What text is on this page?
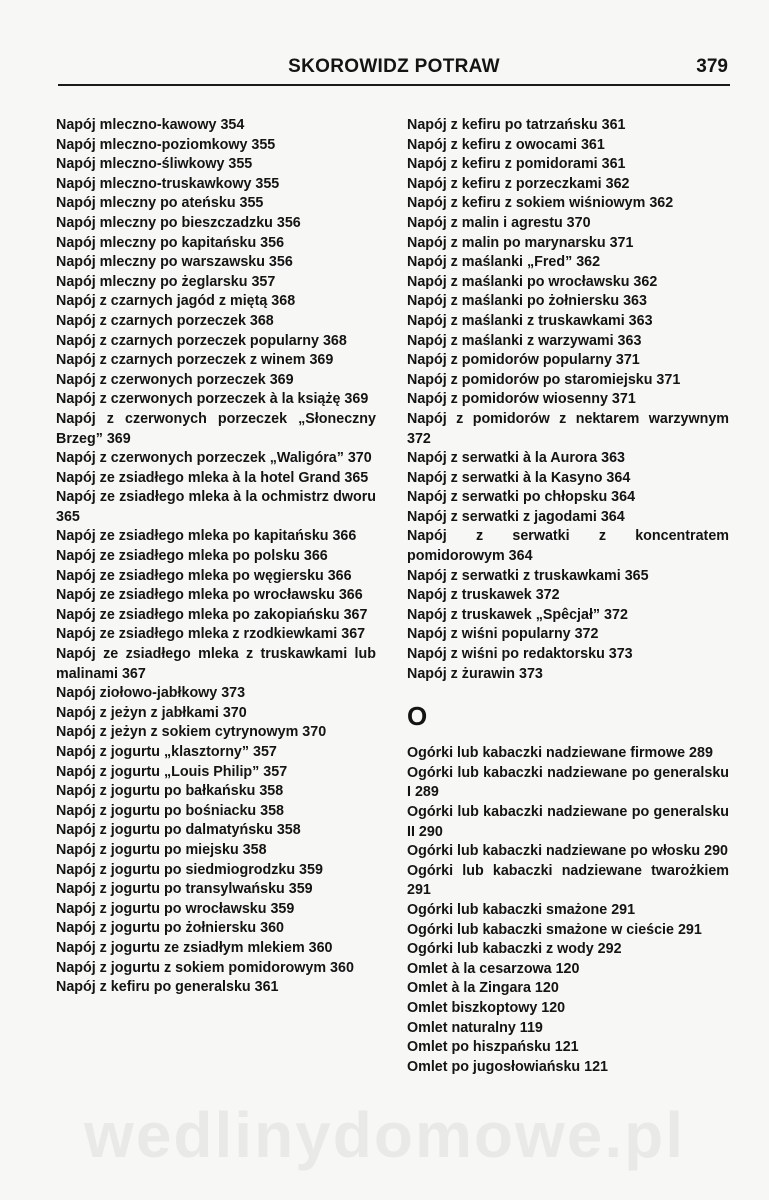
SKOROWIDZ POTRAW	379
Napój mleczno-kawowy 354
Napój mleczno-poziomkowy 355
Napój mleczno-śliwkowy 355
Napój mleczno-truskawkowy 355
Napój mleczny po ateńsku 355
Napój mleczny po bieszczadzku 356
Napój mleczny po kapitańsku 356
Napój mleczny po warszawsku 356
Napój mleczny po żeglarsku 357
Napój z czarnych jagód z miętą 368
Napój z czarnych porzeczek 368
Napój z czarnych porzeczek popularny 368
Napój z czarnych porzeczek z winem 369
Napój z czerwonych porzeczek 369
Napój z czerwonych porzeczek à la książę 369
Napój z czerwonych porzeczek „Słoneczny Brzeg” 369
Napój z czerwonych porzeczek „Waligóra” 370
Napój ze zsiadłego mleka à la hotel Grand 365
Napój ze zsiadłego mleka à la ochmistrz dworu 365
Napój ze zsiadłego mleka po kapitańsku 366
Napój ze zsiadłego mleka po polsku 366
Napój ze zsiadłego mleka po węgiersku 366
Napój ze zsiadłego mleka po wrocławsku 366
Napój ze zsiadłego mleka po zakopiańsku 367
Napój ze zsiadłego mleka z rzodkiewkami 367
Napój ze zsiadłego mleka z truskawkami lub malinami 367
Napój ziołowo-jabłkowy 373
Napój z jeżyn z jabłkami 370
Napój z jeżyn z sokiem cytrynowym 370
Napój z jogurtu „klasztorny” 357
Napój z jogurtu „Louis Philip” 357
Napój z jogurtu po bałkańsku 358
Napój z jogurtu po bośniacku 358
Napój z jogurtu po dalmatyńsku 358
Napój z jogurtu po miejsku 358
Napój z jogurtu po siedmiogrodzku 359
Napój z jogurtu po transylwańsku 359
Napój z jogurtu po wrocławsku 359
Napój z jogurtu po żołniersku 360
Napój z jogurtu ze zsiadłym mlekiem 360
Napój z jogurtu z sokiem pomidorowym 360
Napój z kefiru po generalsku 361
Napój z kefiru po tatrzańsku 361
Napój z kefiru z owocami 361
Napój z kefiru z pomidorami 361
Napój z kefiru z porzeczkami 362
Napój z kefiru z sokiem wiśniowym 362
Napój z malin i agrestu 370
Napój z malin po marynarsku 371
Napój z maślanki „Fred” 362
Napój z maślanki po wrocławsku 362
Napój z maślanki po żołniersku 363
Napój z maślanki z truskawkami 363
Napój z maślanki z warzywami 363
Napój z pomidorów popularny 371
Napój z pomidorów po staromiejsku 371
Napój z pomidorów wiosenny 371
Napój z pomidorów z nektarem warzywnym 372
Napój z serwatki à la Aurora 363
Napój z serwatki à la Kasyno 364
Napój z serwatki po chłopsku 364
Napój z serwatki z jagodami 364
Napój z serwatki z koncentratem pomidorowym 364
Napój z serwatki z truskawkami 365
Napój z truskawek 372
Napój z truskawek „Spêcjał” 372
Napój z wiśni popularny 372
Napój z wiśni po redaktorsku 373
Napój z żurawin 373
O
Ogórki lub kabaczki nadziewane firmowe 289
Ogórki lub kabaczki nadziewane po generalsku I 289
Ogórki lub kabaczki nadziewane po generalsku II 290
Ogórki lub kabaczki nadziewane po włosku 290
Ogórki lub kabaczki nadziewane twarożkiem 291
Ogórki lub kabaczki smażone 291
Ogórki lub kabaczki smażone w cieście 291
Ogórki lub kabaczki z wody 292
Omlet à la cesarzowa 120
Omlet à la Zingara 120
Omlet biszkoptowy 120
Omlet naturalny 119
Omlet po hiszpańsku 121
Omlet po jugosłowiańsku 121
wedlinydomowe.pl
